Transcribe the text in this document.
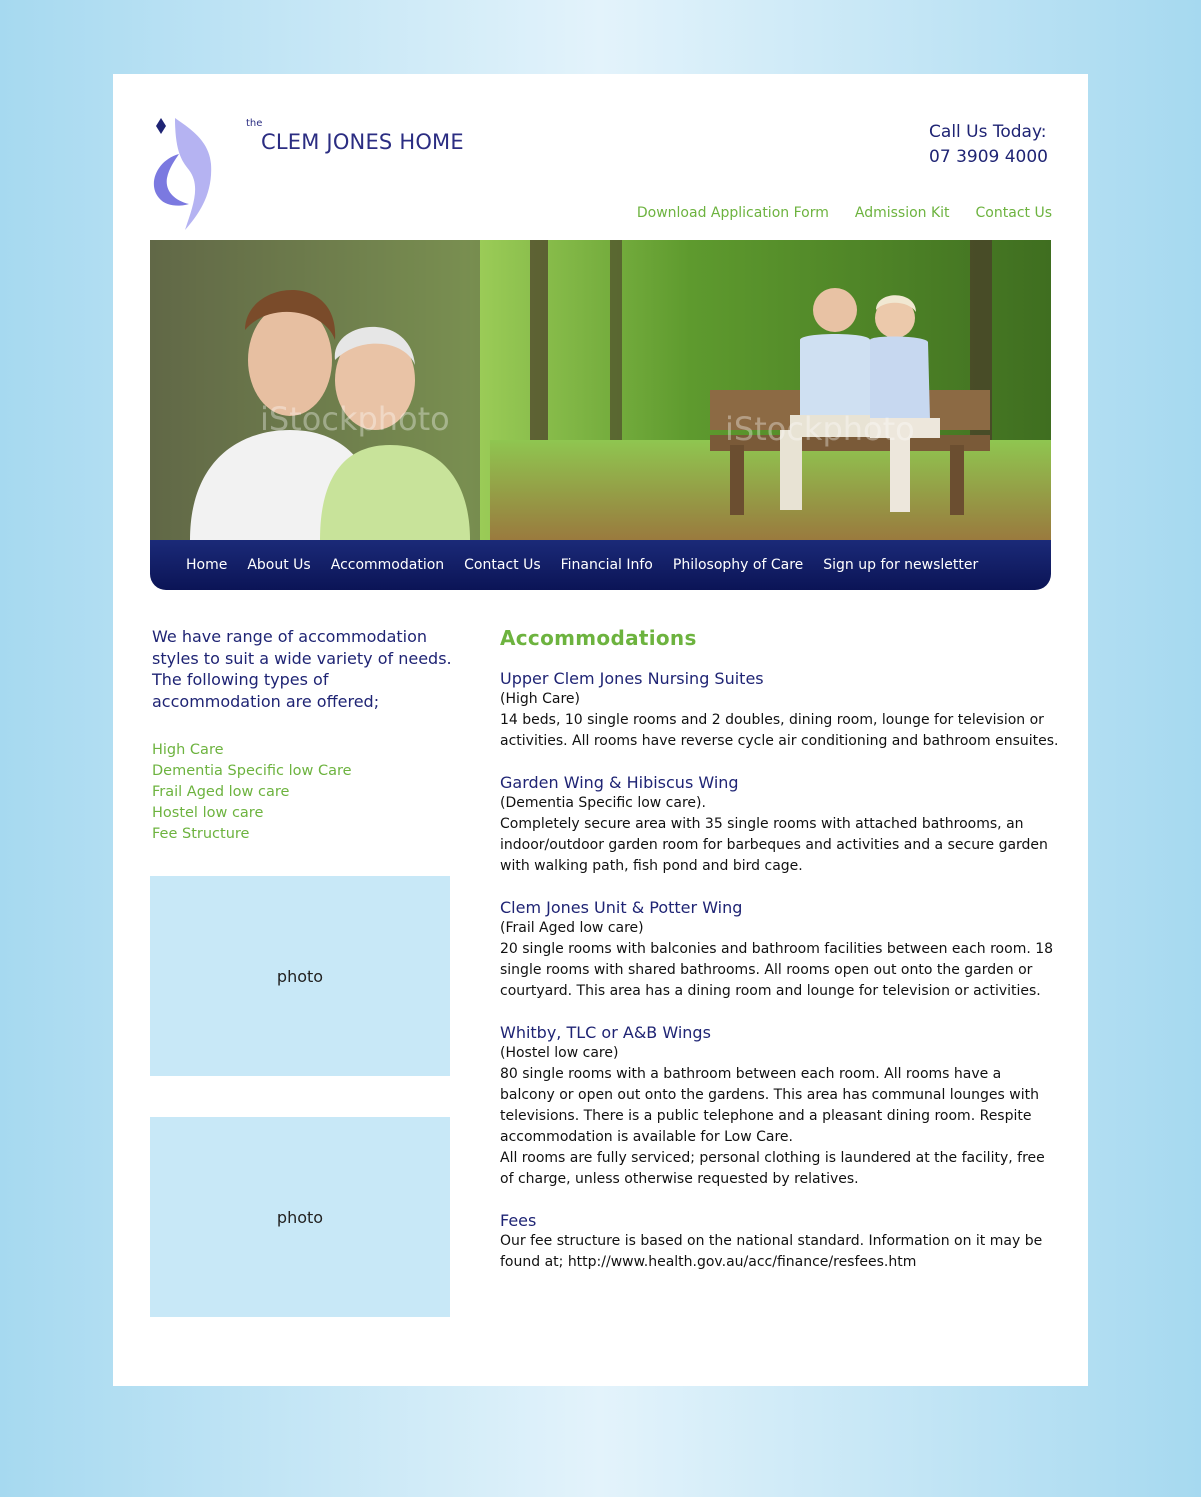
the
CLEM JONES HOME	Call Us Today:
07 3909 4000
Download Application Form Admission Kit Contact Us
iStockphoto	iStockphoto
Home About Us Accommodation Contact Us Financial Info Philosophy of Care Sign up for newsletter

We have range of accommodation styles to suit a wide variety of needs. The following types of accommodation are offered;

High Care
Dementia Specific low Care
Frail Aged low care
Hostel low care
Fee Structure
photo
photo
Accommodations
Upper Clem Jones Nursing Suites

(High Care)

14 beds, 10 single rooms and 2 doubles, dining room, lounge for television or activities. All rooms have reverse cycle air conditioning and bathroom ensuites.

Garden Wing & Hibiscus Wing

(Dementia Specific low care).

Completely secure area with 35 single rooms with attached bathrooms, an indoor/outdoor garden room for barbeques and activities and a secure garden with walking path, fish pond and bird cage.

Clem Jones Unit & Potter Wing

(Frail Aged low care)

20 single rooms with balconies and bathroom facilities between each room. 18 single rooms with shared bathrooms. All rooms open out onto the garden or courtyard. This area has a dining room and lounge for television or activities.

Whitby, TLC or A&B Wings

(Hostel low care)

80 single rooms with a bathroom between each room. All rooms have a balcony or open out onto the gardens. This area has communal lounges with televisions. There is a public telephone and a pleasant dining room. Respite accommodation is available for Low Care.

All rooms are fully serviced; personal clothing is laundered at the facility, free of charge, unless otherwise requested by relatives.

Fees

Our fee structure is based on the national standard. Information on it may be found at; http://www.health.gov.au/acc/finance/resfees.htm
